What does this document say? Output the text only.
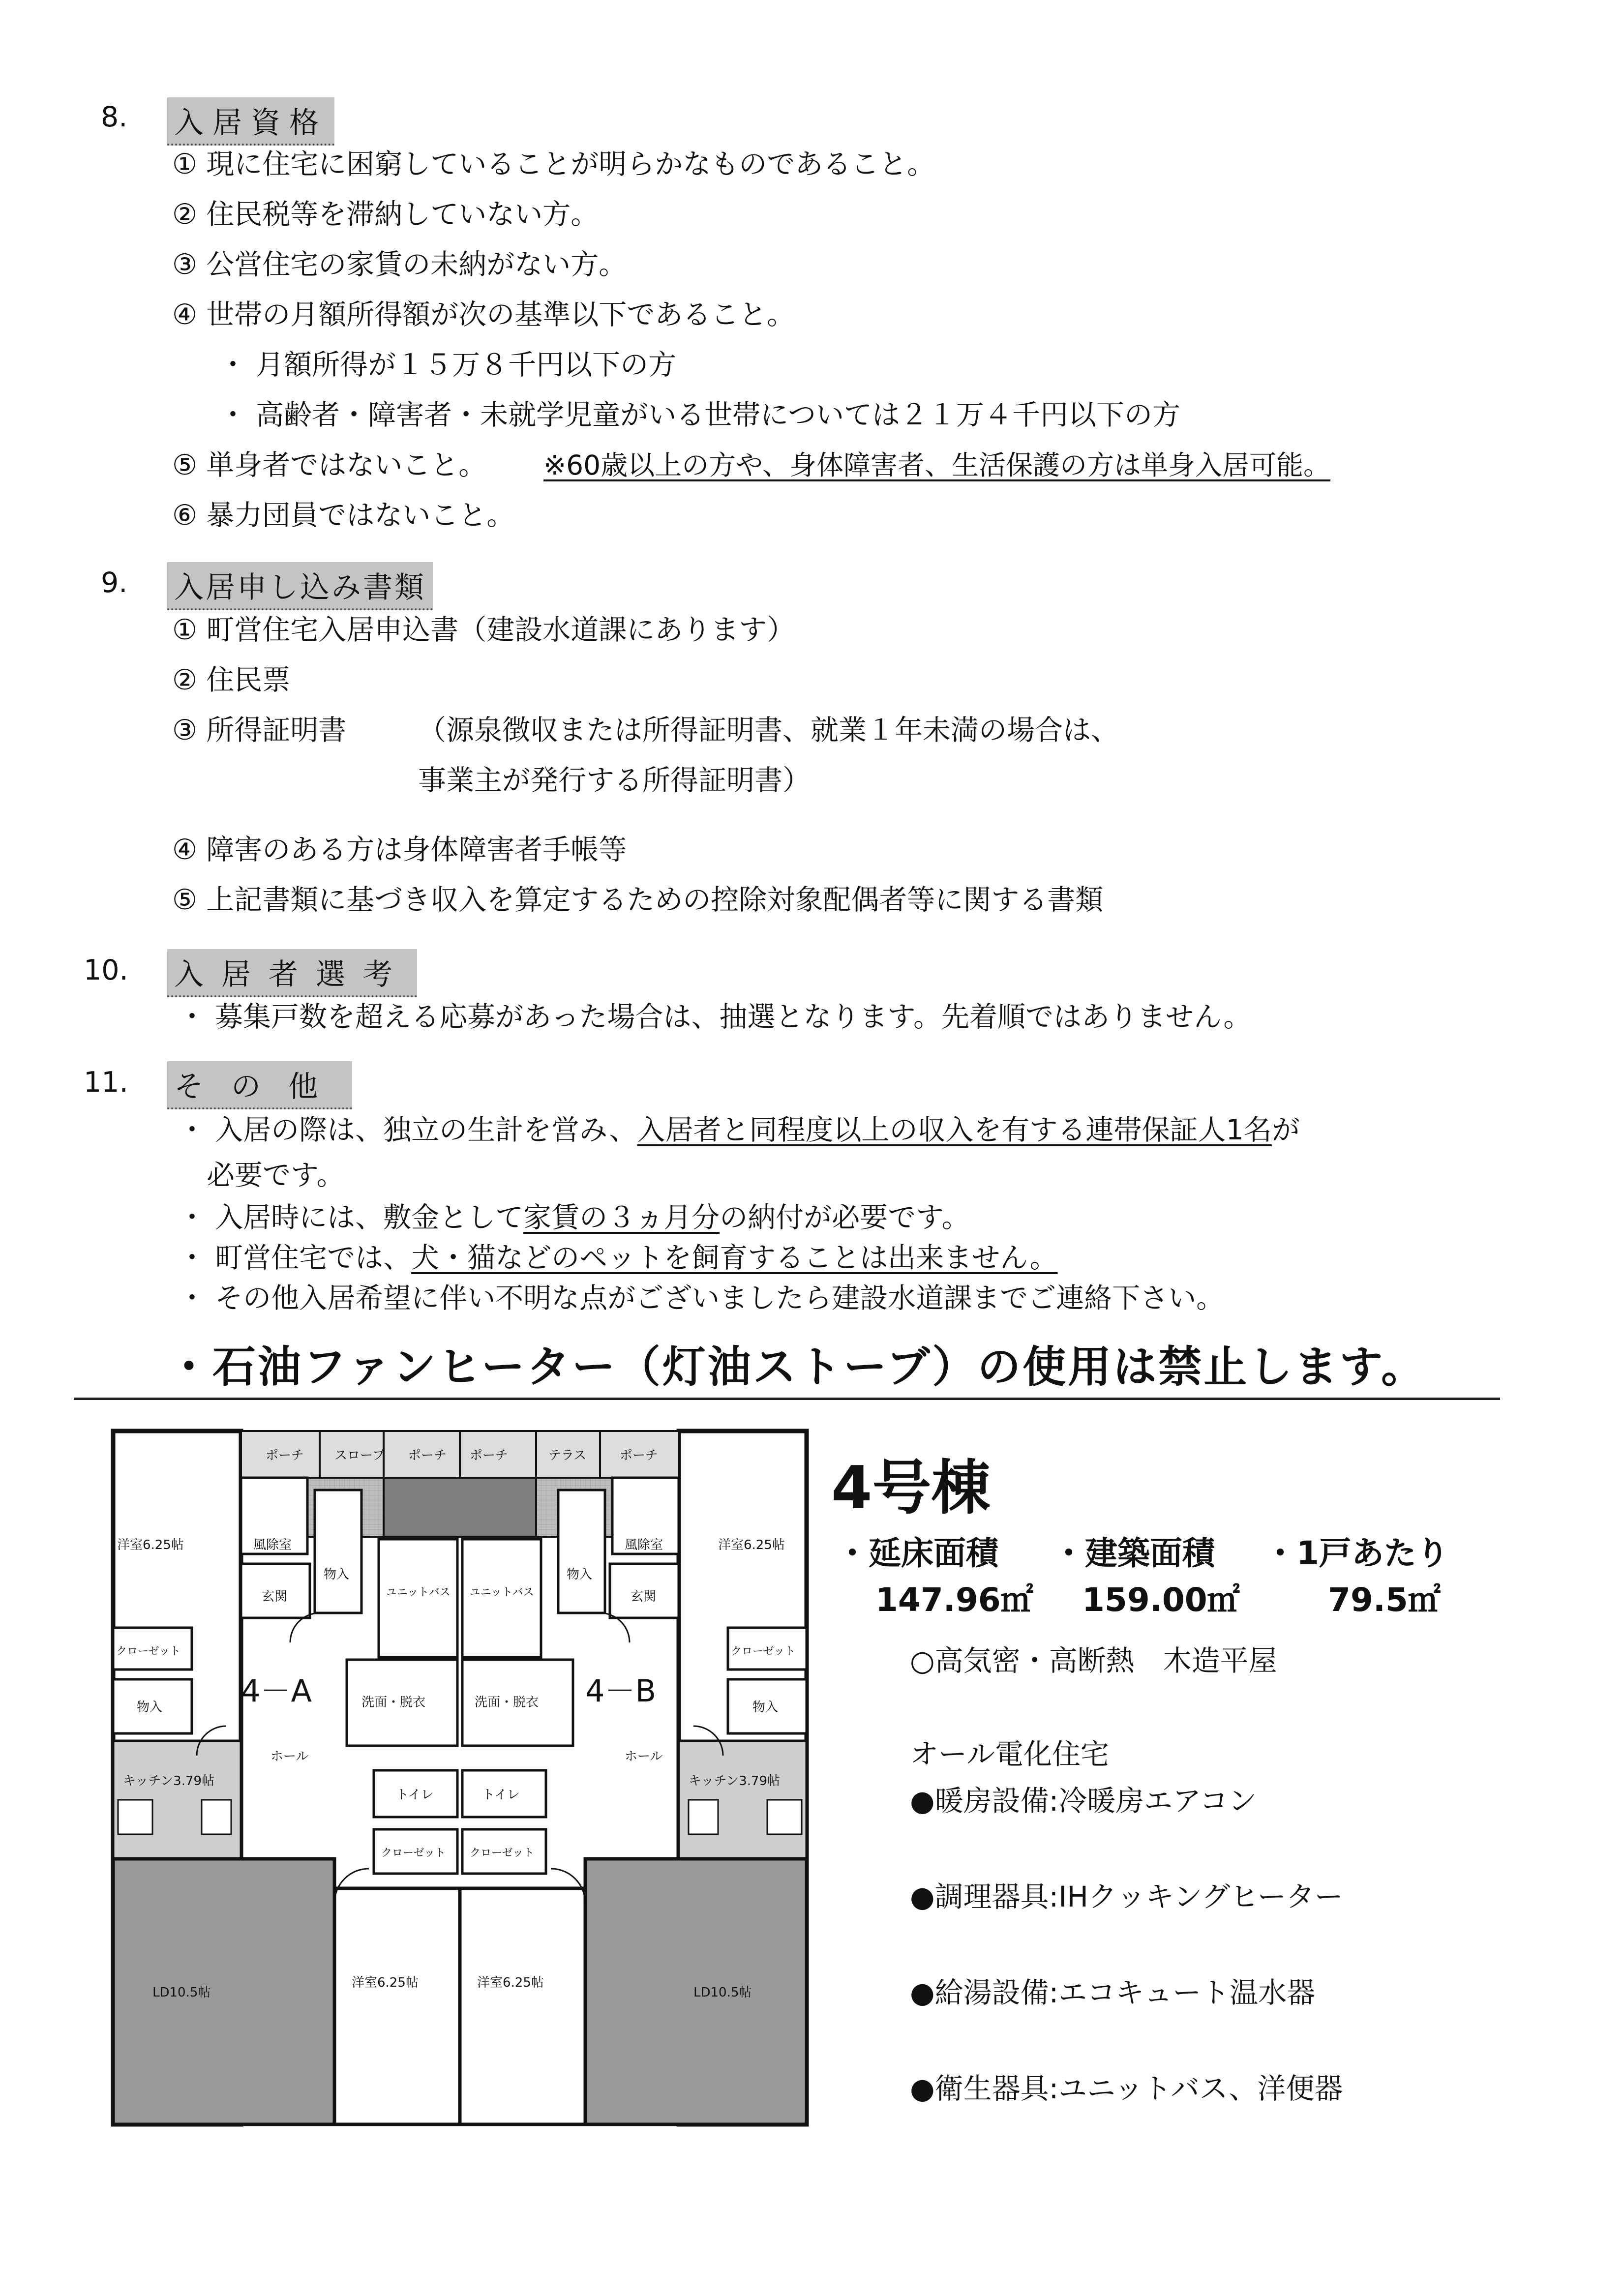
8. 入居資格
① 現に住宅に困窮していることが明らかなものであること。
② 住民税等を滞納していない方。
③ 公営住宅の家賃の未納がない方。
④ 世帯の月額所得額が次の基準以下であること。
・ 月額所得が１５万８千円以下の方
・ 高齢者・障害者・未就学児童がいる世帯については２１万４千円以下の方
⑤ 単身者ではないこと。 ※60歳以上の方や、身体障害者、生活保護の方は単身入居可能。
⑥ 暴力団員ではないこと。
9. 入居申し込み書類
① 町営住宅入居申込書（建設水道課にあります）
② 住民票
③ 所得証明書	（源泉徴収または所得証明書、就業１年未満の場合は、
事業主が発行する所得証明書）
④ 障害のある方は身体障害者手帳等
⑤ 上記書類に基づき収入を算定するための控除対象配偶者等に関する書類
10. 入居者選考
・ 募集戸数を超える応募があった場合は、抽選となります。先着順ではありません。
11. その他
・ 入居の際は、独立の生計を営み、入居者と同程度以上の収入を有する連帯保証人1名が
必要です。
・ 入居時には、敷金として家賃の３ヵ月分の納付が必要です。
・ 町営住宅では、犬・猫などのペットを飼育することは出来ません。
・ その他入居希望に伴い不明な点がございましたら建設水道課までご連絡下さい。
・石油ファンヒーター（灯油ストーブ）の使用は禁止します。
ポーチ スロープ ポーチ ポーチ	テラス	ポーチ
洋室6.25帖	洋室6.25帖
風除室	風除室
物入	物入
ユニットバス ユニットバス
玄関	玄関
クローゼット	クローゼット
物入	物入
4－A	4－B
洗面・脱衣	洗面・脱衣
ホール	ホール
トイレ	トイレ
クローゼット クローゼット
キッチン3.79帖	キッチン3.79帖
LD10.5帖	LD10.5帖
洋室6.25帖	洋室6.25帖
4号棟
・延床面積 ・建築面積 ・1戸あたり
147.96㎡ 159.00㎡	79.5㎡
○高気密・高断熱　木造平屋
オール電化住宅
●暖房設備:冷暖房エアコン
●調理器具:IHクッキングヒーター
●給湯設備:エコキュート温水器
●衛生器具:ユニットバス、洋便器
